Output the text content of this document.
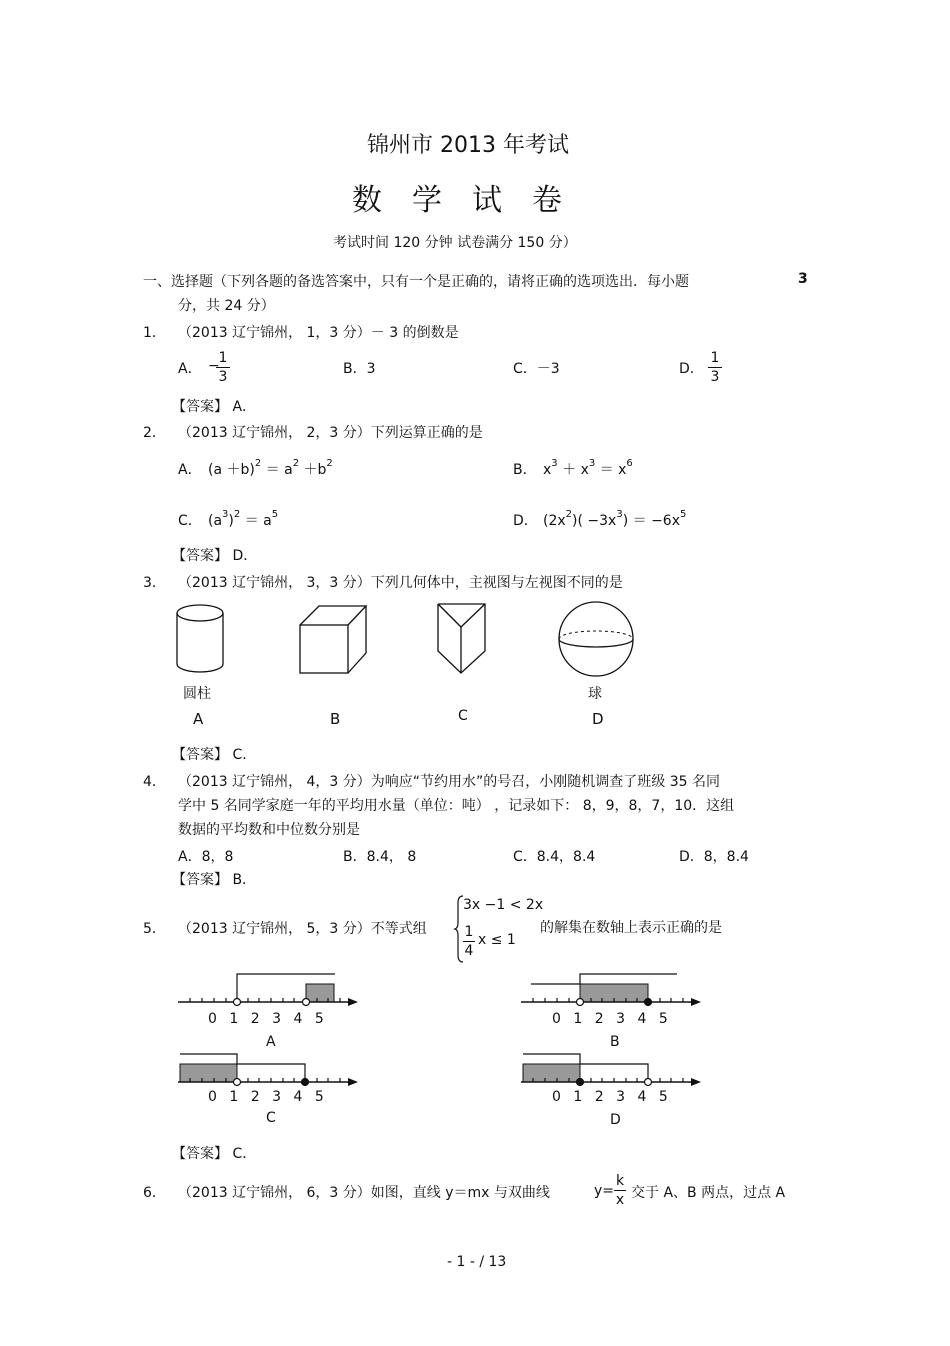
锦州市 2013 年考试
数学试卷
考试时间 120 分钟 试卷满分 150 分）
一、选择题（下列各题的备选答案中，只有一个是正确的，请将正确的选项选出．每小题	3
分，共 24 分）
1． （2013 辽宁锦州， 1，3 分）－ 3 的倒数是
A． −
1
3	B．3	C．－3	D．
1
3
【答案】 A．
2． （2013 辽宁锦州， 2，3 分）下列运算正确的是
A． $(a +b)^2 = a^2 +b^2$	B． $x^3 + x^3 = x^6$
C． $(a^3)^2 = a^5$	D． $(2x^2)( -3x^3) = -6x^5$
【答案】 D．
3． （2013 辽宁锦州， 3，3 分）下列几何体中，主视图与左视图不同的是
圆柱	球
A	B	C	D
【答案】 C．
4． （2013 辽宁锦州， 4，3 分）为响应“节约用水”的号召，小刚随机调查了班级 35 名同
学中 5 名同学家庭一年的平均用水量（单位：吨） ，记录如下： 8，9，8，7，10．这组
数据的平均数和中位数分别是
A．8，8	B．8.4， 8	C．8.4，8.4	D．8，8.4
【答案】 B．
5． （2013 辽宁锦州， 5，3 分）不等式组
3x −1 < 2x
1
4
x ≤ 1
的解集在数轴上表示正确的是
0 1 2 3 4 5
A
0 1 2 3 4 5
B
0 1 2 3 4 5
C
0 1 2 3 4 5
D
【答案】 C．
6． （2013 辽宁锦州， 6，3 分）如图，直线 y＝mx 与双曲线	y=
k
x 交于 A、B 两点，过点 A
- 1 - / 13
